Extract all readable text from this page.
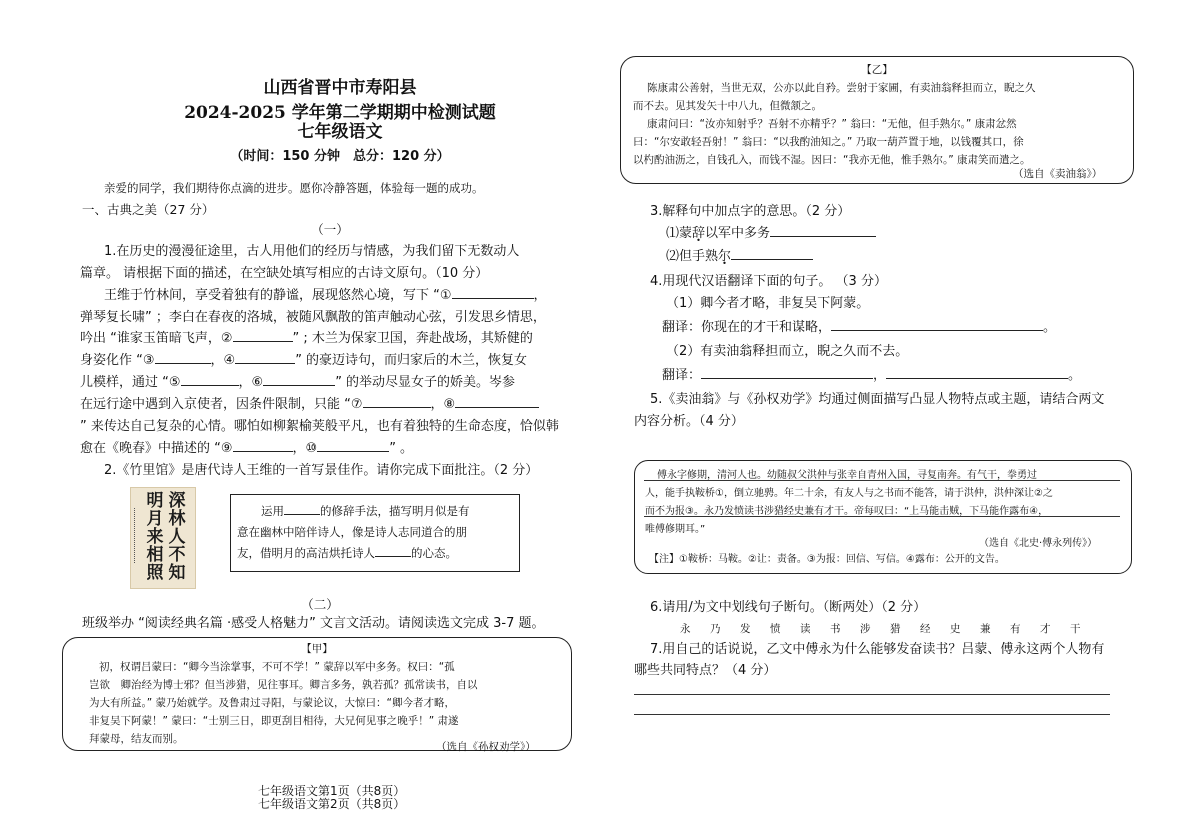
山西省晋中市寿阳县
2024-2025 学年第二学期期中检测试题
七年级语文
（时间：150 分钟　总分：120 分）
亲爱的同学，我们期待你点滴的进步。愿你冷静答题，体验每一题的成功。
一、古典之美（27 分）
（一）
1.在历史的漫漫征途里，古人用他们的经历与情感，为我们留下无数动人
篇章。 请根据下面的描述，在空缺处填写相应的古诗文原句。（10 分）
王维于竹林间，享受着独有的静谧，展现悠然心境，写下 “①	，
弹琴复长啸” ；李白在春夜的洛城，被随风飘散的笛声触动心弦，引发思乡情思，
吟出 “谁家玉笛暗飞声，②	” ; 木兰为保家卫国，奔赴战场，其矫健的
身姿化作 “③	，④	” 的豪迈诗句，而归家后的木兰，恢复女
儿模样，通过 “⑤	，⑥	” 的举动尽显女子的娇美。岑参
在远行途中遇到入京使者，因条件限制，只能 “⑦	，⑧
” 来传达自己复杂的心情。哪怕如柳絮榆荚般平凡，也有着独特的生命态度，恰似韩
愈在《晚春》中描述的 “⑨	，⑩	” 。
2.《竹里馆》是唐代诗人王维的一首写景佳作。请你完成下面批注。（2 分）
深
林
人
不
知
明
月
来
相
照
运用	的修辞手法，描写明月似是有
意在幽林中陪伴诗人，像是诗人志同道合的朋
友，借明月的高洁烘托诗人	的心态。
（二）
班级举办 “阅读经典名篇 ·感受人格魅力” 文言文活动。请阅读选文完成 3-7 题。
【甲】
初，权谓吕蒙曰：“卿今当涂掌事，不可不学！” 蒙辞以军中多务。权曰：“孤
岂欲　卿治经为博士邪？但当涉猎，见往事耳。卿言多务，孰若孤？孤常读书，自以
为大有所益。” 蒙乃始就学。及鲁肃过寻阳，与蒙论议，大惊曰：“卿今者才略，
非复吴下阿蒙！” 蒙曰：“士别三日，即更刮目相待，大兄何见事之晚乎！” 肃遂
拜蒙母，结友而别。
（选自《孙权劝学》）
七年级语文第1页（共8页）
七年级语文第2页（共8页）
【乙】
陈康肃公善射，当世无双，公亦以此自矜。尝射于家圃，有卖油翁释担而立，睨之久
而不去。见其发矢十中八九，但微颔之。
康肃问曰：“汝亦知射乎？吾射不亦精乎？” 翁曰：“无他，但手熟尔。” 康肃忿然
曰：“尔安敢轻吾射！” 翁曰：“以我酌油知之。” 乃取一葫芦置于地，以钱覆其口，徐
以杓酌油沥之，自钱孔入，而钱不湿。因曰：“我亦无他，惟手熟尔。” 康肃笑而遣之。
（选自《卖油翁》）
3.解释句中加点字的意思。（2 分）
⑴蒙辞以军中多务
⑵但手熟尔
4.用现代汉语翻译下面的句子。 （3 分）
（1）卿今者才略，非复吴下阿蒙。
翻译：你现在的才干和谋略，	。
（2）有卖油翁释担而立，睨之久而不去。
翻译：	，	。
5.《卖油翁》与《孙权劝学》均通过侧面描写凸显人物特点或主题，请结合两文
内容分析。（4 分）
傅永字修期，清河人也。幼随叔父洪仲与张幸自青州入国，寻复南奔。有气干，拳勇过
人，能手执鞍桥①，倒立驰骋。年二十余，有友人与之书而不能答，请于洪仲，洪仲深让②之
而不为报③。永乃发愤读书涉猎经史兼有才干。帝每叹曰：“上马能击贼，下马能作露布④，
唯傅修期耳。”
（选自《北史·傅永列传》）
【注】①鞍桥：马鞍。②让：责备。③为报：回信、写信。④露布：公开的文告。
6.请用/为文中划线句子断句。（断两处）（2 分）
永 乃 发 愤 读 书 涉 猎 经 史 兼 有 才 干
7.用自己的话说说，乙文中傅永为什么能够发奋读书？吕蒙、傅永这两个人物有
哪些共同特点？（4 分）
